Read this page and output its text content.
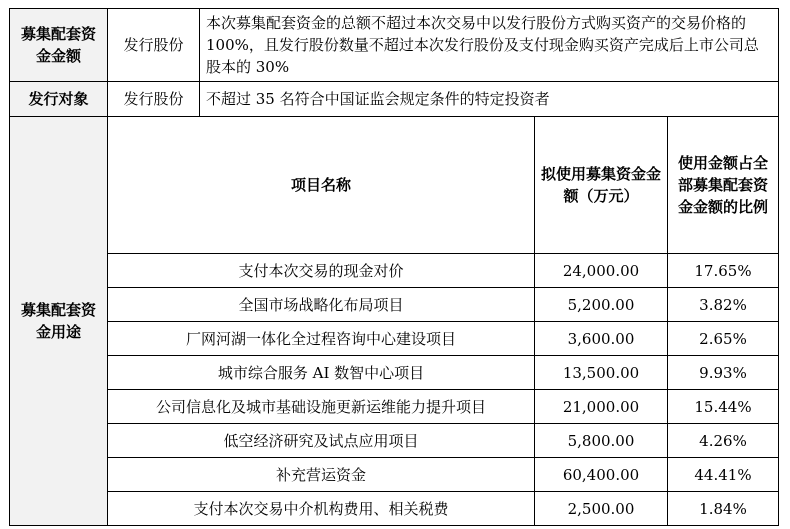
募集配套资金金额	发行股份	本次募集配套资金的总额不超过本次交易中以发行股份方式购买资产的交易价格的 100%，且发行股份数量不超过本次发行股份及支付现金购买资产完成后上市公司总股本的 30%		
发行对象	发行股份	不超过 35 名符合中国证监会规定条件的特定投资者		
募集配套资金用途	项目名称		拟使用募集资金金额（万元）	使用金额占全部募集配套资金金额的比例
	支付本次交易的现金对价		24,000.00	17.65%
	全国市场战略化布局项目		5,200.00	3.82%
	厂网河湖一体化全过程咨询中心建设项目		3,600.00	2.65%
	城市综合服务 AI 数智中心项目		13,500.00	9.93%
	公司信息化及城市基础设施更新运维能力提升项目		21,000.00	15.44%
	低空经济研究及试点应用项目		5,800.00	4.26%
	补充营运资金		60,400.00	44.41%
	支付本次交易中介机构费用、相关税费		2,500.00	1.84%
